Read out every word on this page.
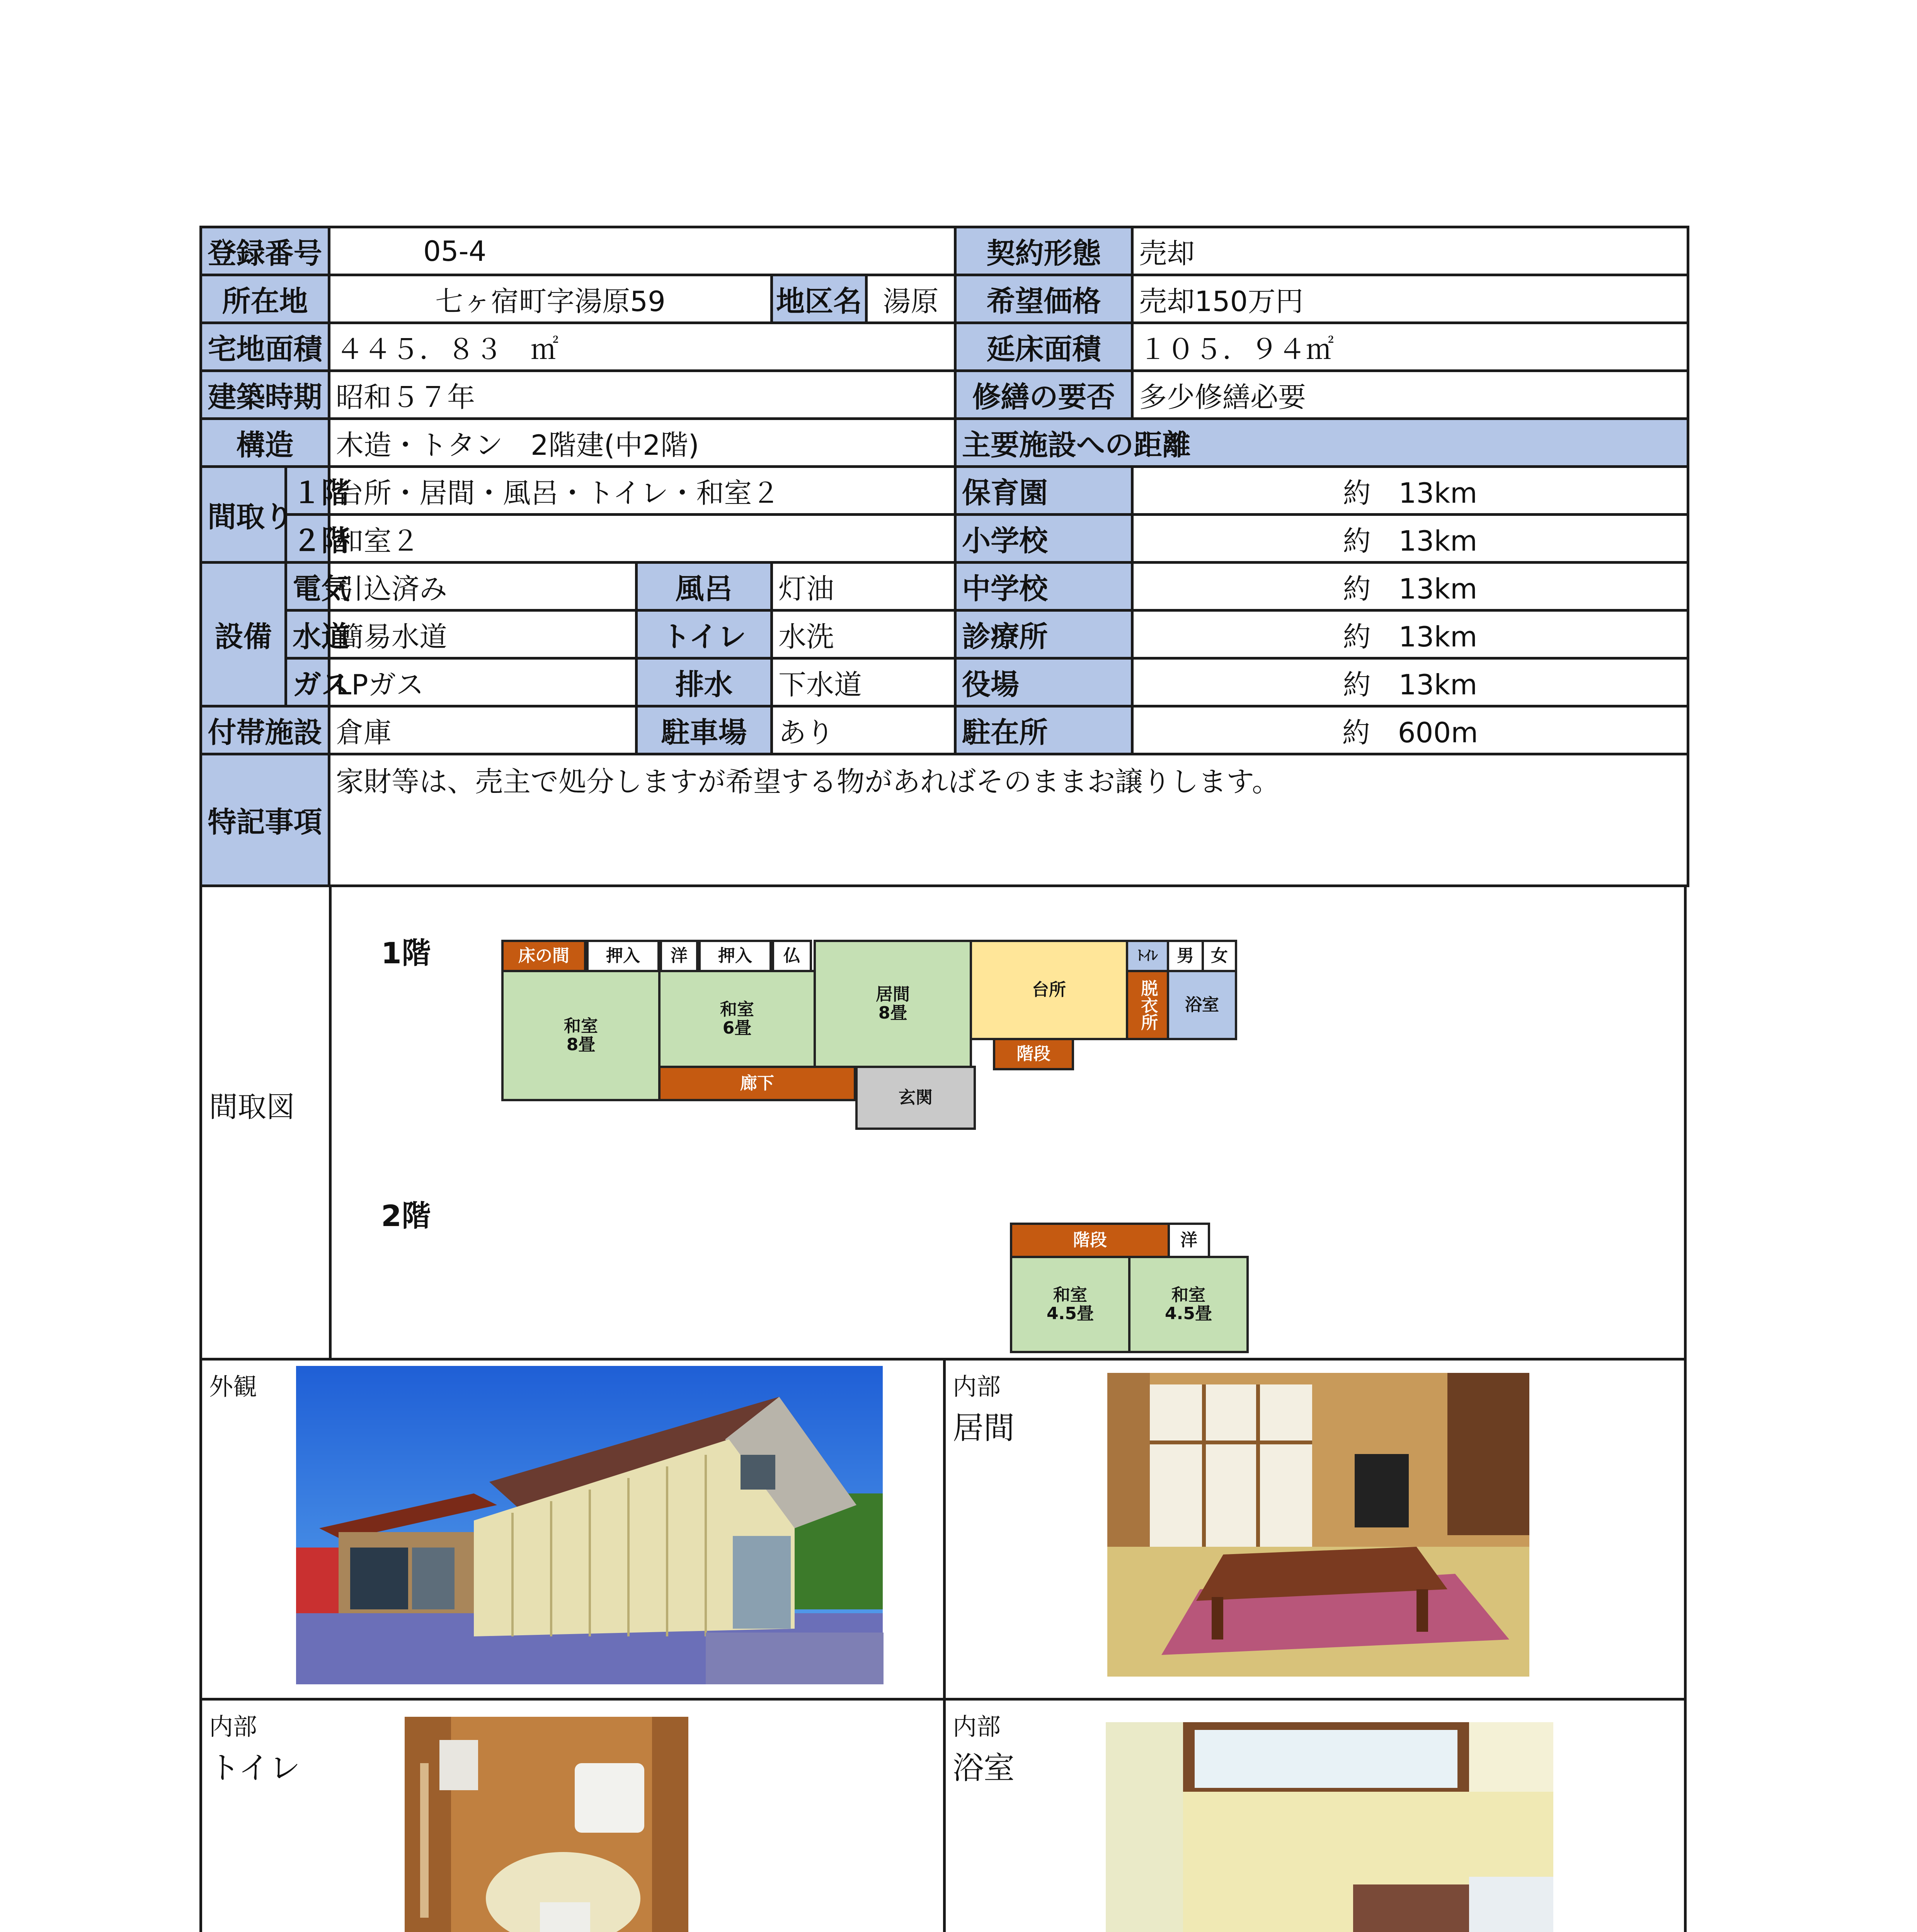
登録番号		05-4			契約形態	売却
所在地		七ヶ宿町字湯原59		地区名 湯原	希望価格	売却150万円
宅地面積		４４５．８３　㎡			延床面積	１０５．９４㎡
建築時期		昭和５７年			修繕の要否	多少修繕必要
構造		木造・トタン　2階建(中2階)			主要施設への距離	
間取り	１階	台所・居間・風呂・トイレ・和室２			保育園	約　13km
	２階	和室２			小学校	約　13km
設備	電気	引込済み	風呂	灯油	中学校	約　13km
	水道	簡易水道	トイレ	水洗	診療所	約　13km
	ガス	LPガス	排水	下水道	役場	約　13km
付帯施設		倉庫	駐車場	あり	駐在所	約　600m
特記事項		家財等は、売主で処分しますが希望する物があればそのままお譲りします。				
間取図
1階
2階
床の間	押入	洋	押入	仏
和室
8畳
和室
6畳
居間
8畳
台所
ﾄｲﾚ	男	女
脱衣所	浴室
階段
廊下
玄関
階段	洋
和室
4.5畳
和室
4.5畳
外観	内部
居間
内部
トイレ
内部
浴室
